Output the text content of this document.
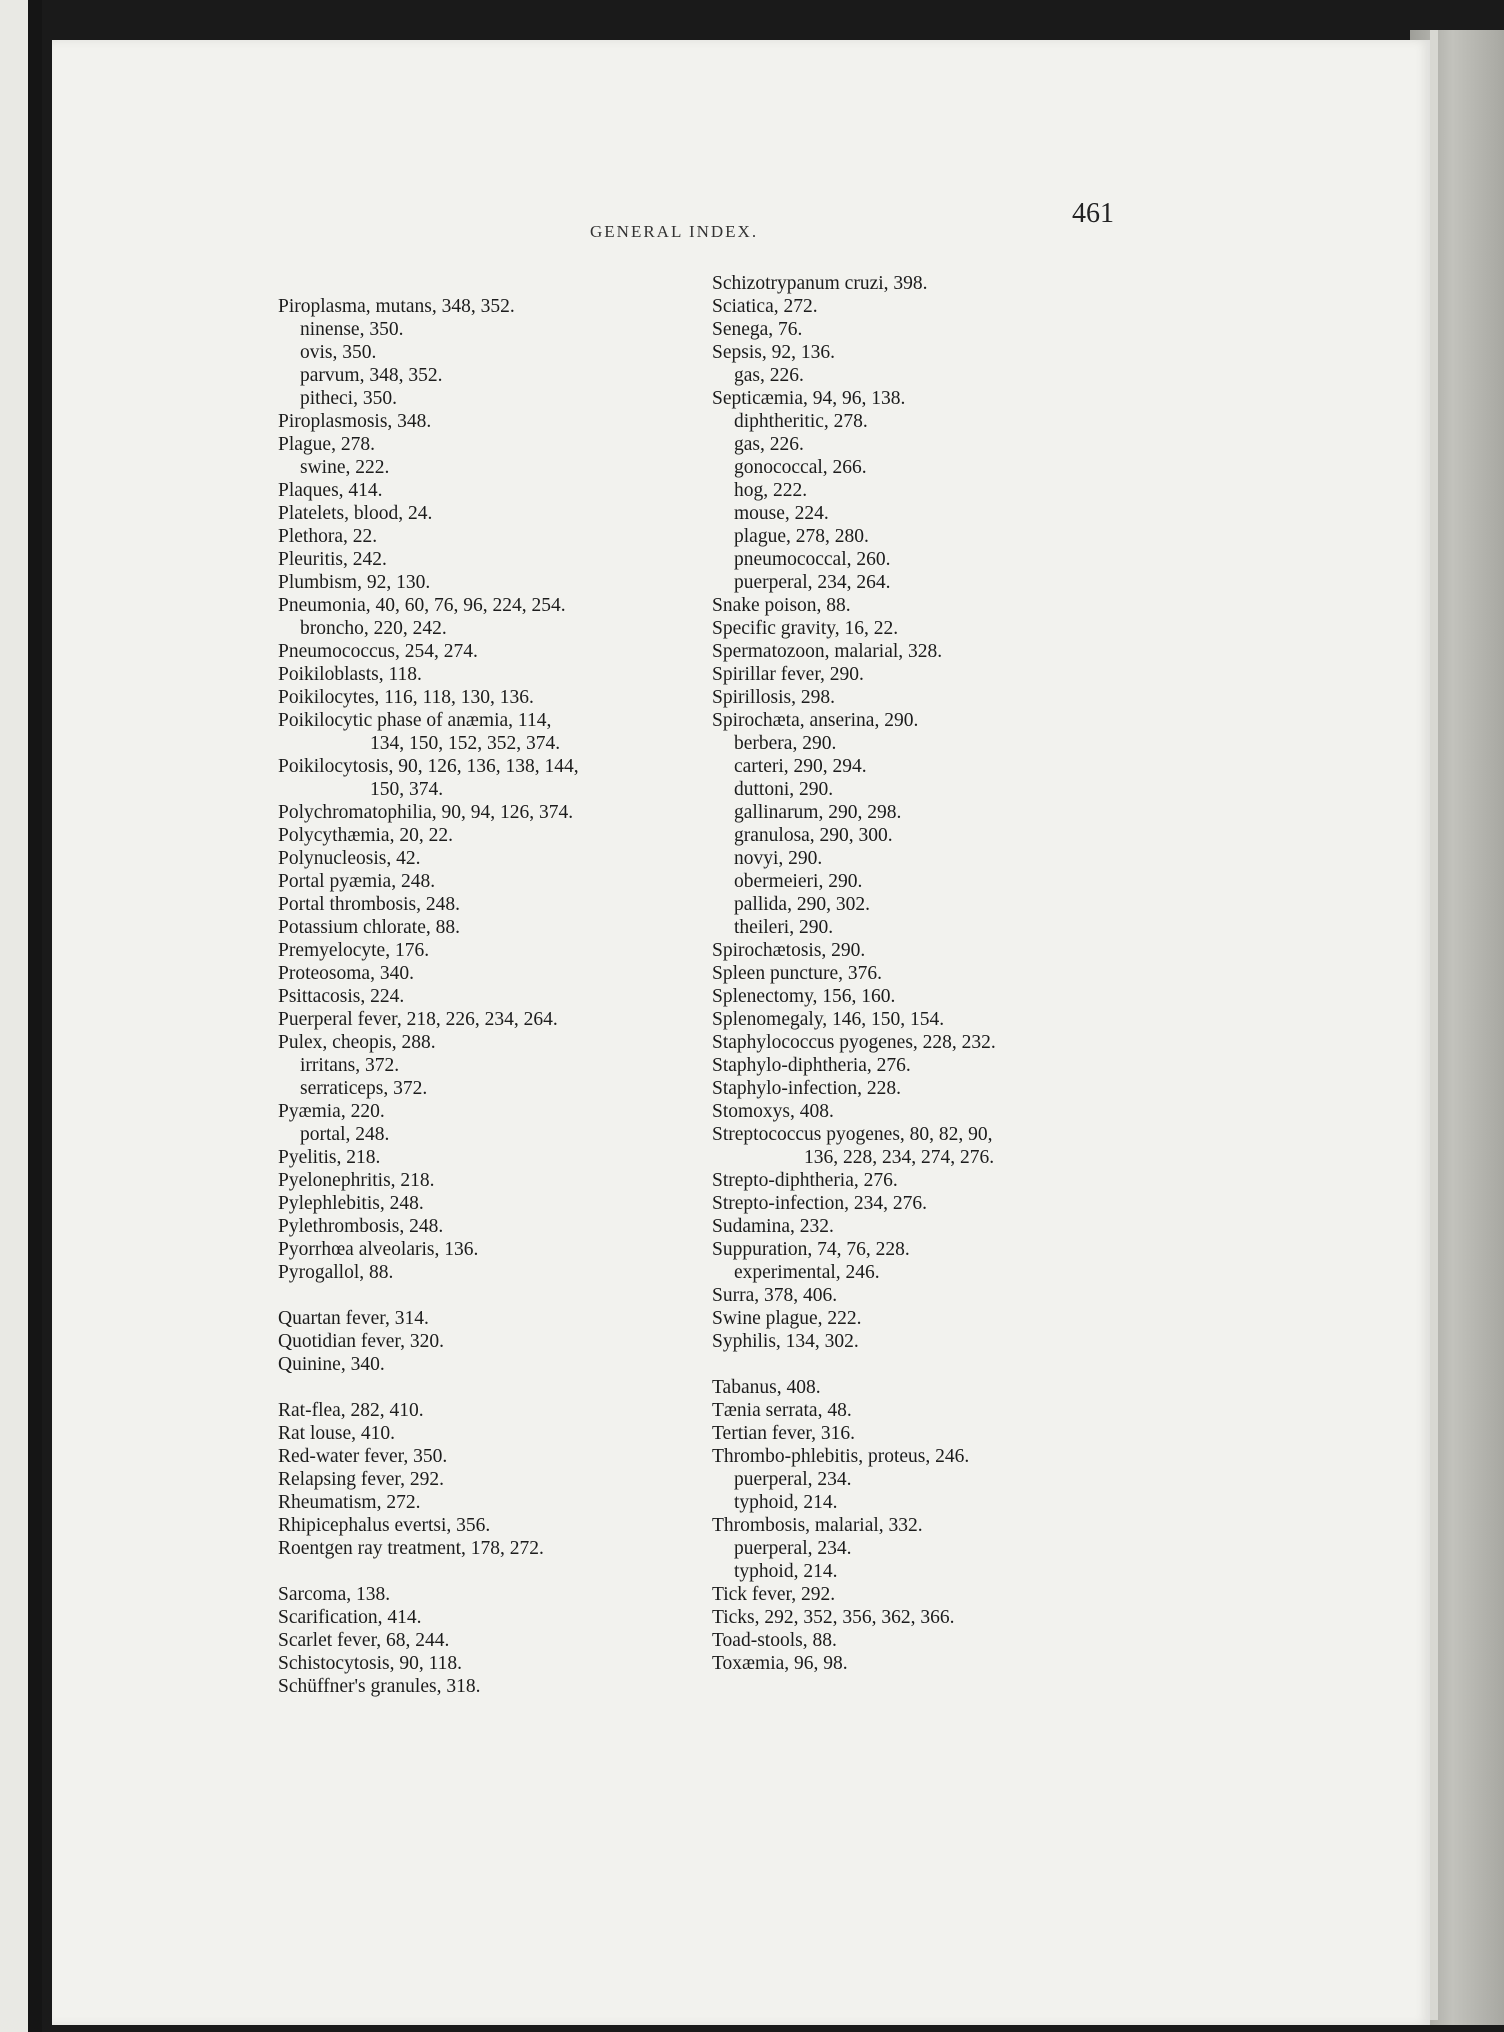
GENERAL INDEX.
461
Piroplasma, mutans, 348, 352.
ninense, 350.
ovis, 350.
parvum, 348, 352.
pitheci, 350.
Piroplasmosis, 348.
Plague, 278.
swine, 222.
Plaques, 414.
Platelets, blood, 24.
Plethora, 22.
Pleuritis, 242.
Plumbism, 92, 130.
Pneumonia, 40, 60, 76, 96, 224, 254.
broncho, 220, 242.
Pneumococcus, 254, 274.
Poikiloblasts, 118.
Poikilocytes, 116, 118, 130, 136.
Poikilocytic phase of anæmia, 114,
134, 150, 152, 352, 374.
Poikilocytosis, 90, 126, 136, 138, 144,
150, 374.
Polychromatophilia, 90, 94, 126, 374.
Polycythæmia, 20, 22.
Polynucleosis, 42.
Portal pyæmia, 248.
Portal thrombosis, 248.
Potassium chlorate, 88.
Premyelocyte, 176.
Proteosoma, 340.
Psittacosis, 224.
Puerperal fever, 218, 226, 234, 264.
Pulex, cheopis, 288.
irritans, 372.
serraticeps, 372.
Pyæmia, 220.
portal, 248.
Pyelitis, 218.
Pyelonephritis, 218.
Pylephlebitis, 248.
Pylethrombosis, 248.
Pyorrhœa alveolaris, 136.
Pyrogallol, 88.
Quartan fever, 314.
Quotidian fever, 320.
Quinine, 340.
Rat-flea, 282, 410.
Rat louse, 410.
Red-water fever, 350.
Relapsing fever, 292.
Rheumatism, 272.
Rhipicephalus evertsi, 356.
Roentgen ray treatment, 178, 272.
Sarcoma, 138.
Scarification, 414.
Scarlet fever, 68, 244.
Schistocytosis, 90, 118.
Schüffner's granules, 318.
Schizotrypanum cruzi, 398.
Sciatica, 272.
Senega, 76.
Sepsis, 92, 136.
gas, 226.
Septicæmia, 94, 96, 138.
diphtheritic, 278.
gas, 226.
gonococcal, 266.
hog, 222.
mouse, 224.
plague, 278, 280.
pneumococcal, 260.
puerperal, 234, 264.
Snake poison, 88.
Specific gravity, 16, 22.
Spermatozoon, malarial, 328.
Spirillar fever, 290.
Spirillosis, 298.
Spirochæta, anserina, 290.
berbera, 290.
carteri, 290, 294.
duttoni, 290.
gallinarum, 290, 298.
granulosa, 290, 300.
novyi, 290.
obermeieri, 290.
pallida, 290, 302.
theileri, 290.
Spirochætosis, 290.
Spleen puncture, 376.
Splenectomy, 156, 160.
Splenomegaly, 146, 150, 154.
Staphylococcus pyogenes, 228, 232.
Staphylo-diphtheria, 276.
Staphylo-infection, 228.
Stomoxys, 408.
Streptococcus pyogenes, 80, 82, 90,
136, 228, 234, 274, 276.
Strepto-diphtheria, 276.
Strepto-infection, 234, 276.
Sudamina, 232.
Suppuration, 74, 76, 228.
experimental, 246.
Surra, 378, 406.
Swine plague, 222.
Syphilis, 134, 302.
Tabanus, 408.
Tænia serrata, 48.
Tertian fever, 316.
Thrombo-phlebitis, proteus, 246.
puerperal, 234.
typhoid, 214.
Thrombosis, malarial, 332.
puerperal, 234.
typhoid, 214.
Tick fever, 292.
Ticks, 292, 352, 356, 362, 366.
Toad-stools, 88.
Toxæmia, 96, 98.
